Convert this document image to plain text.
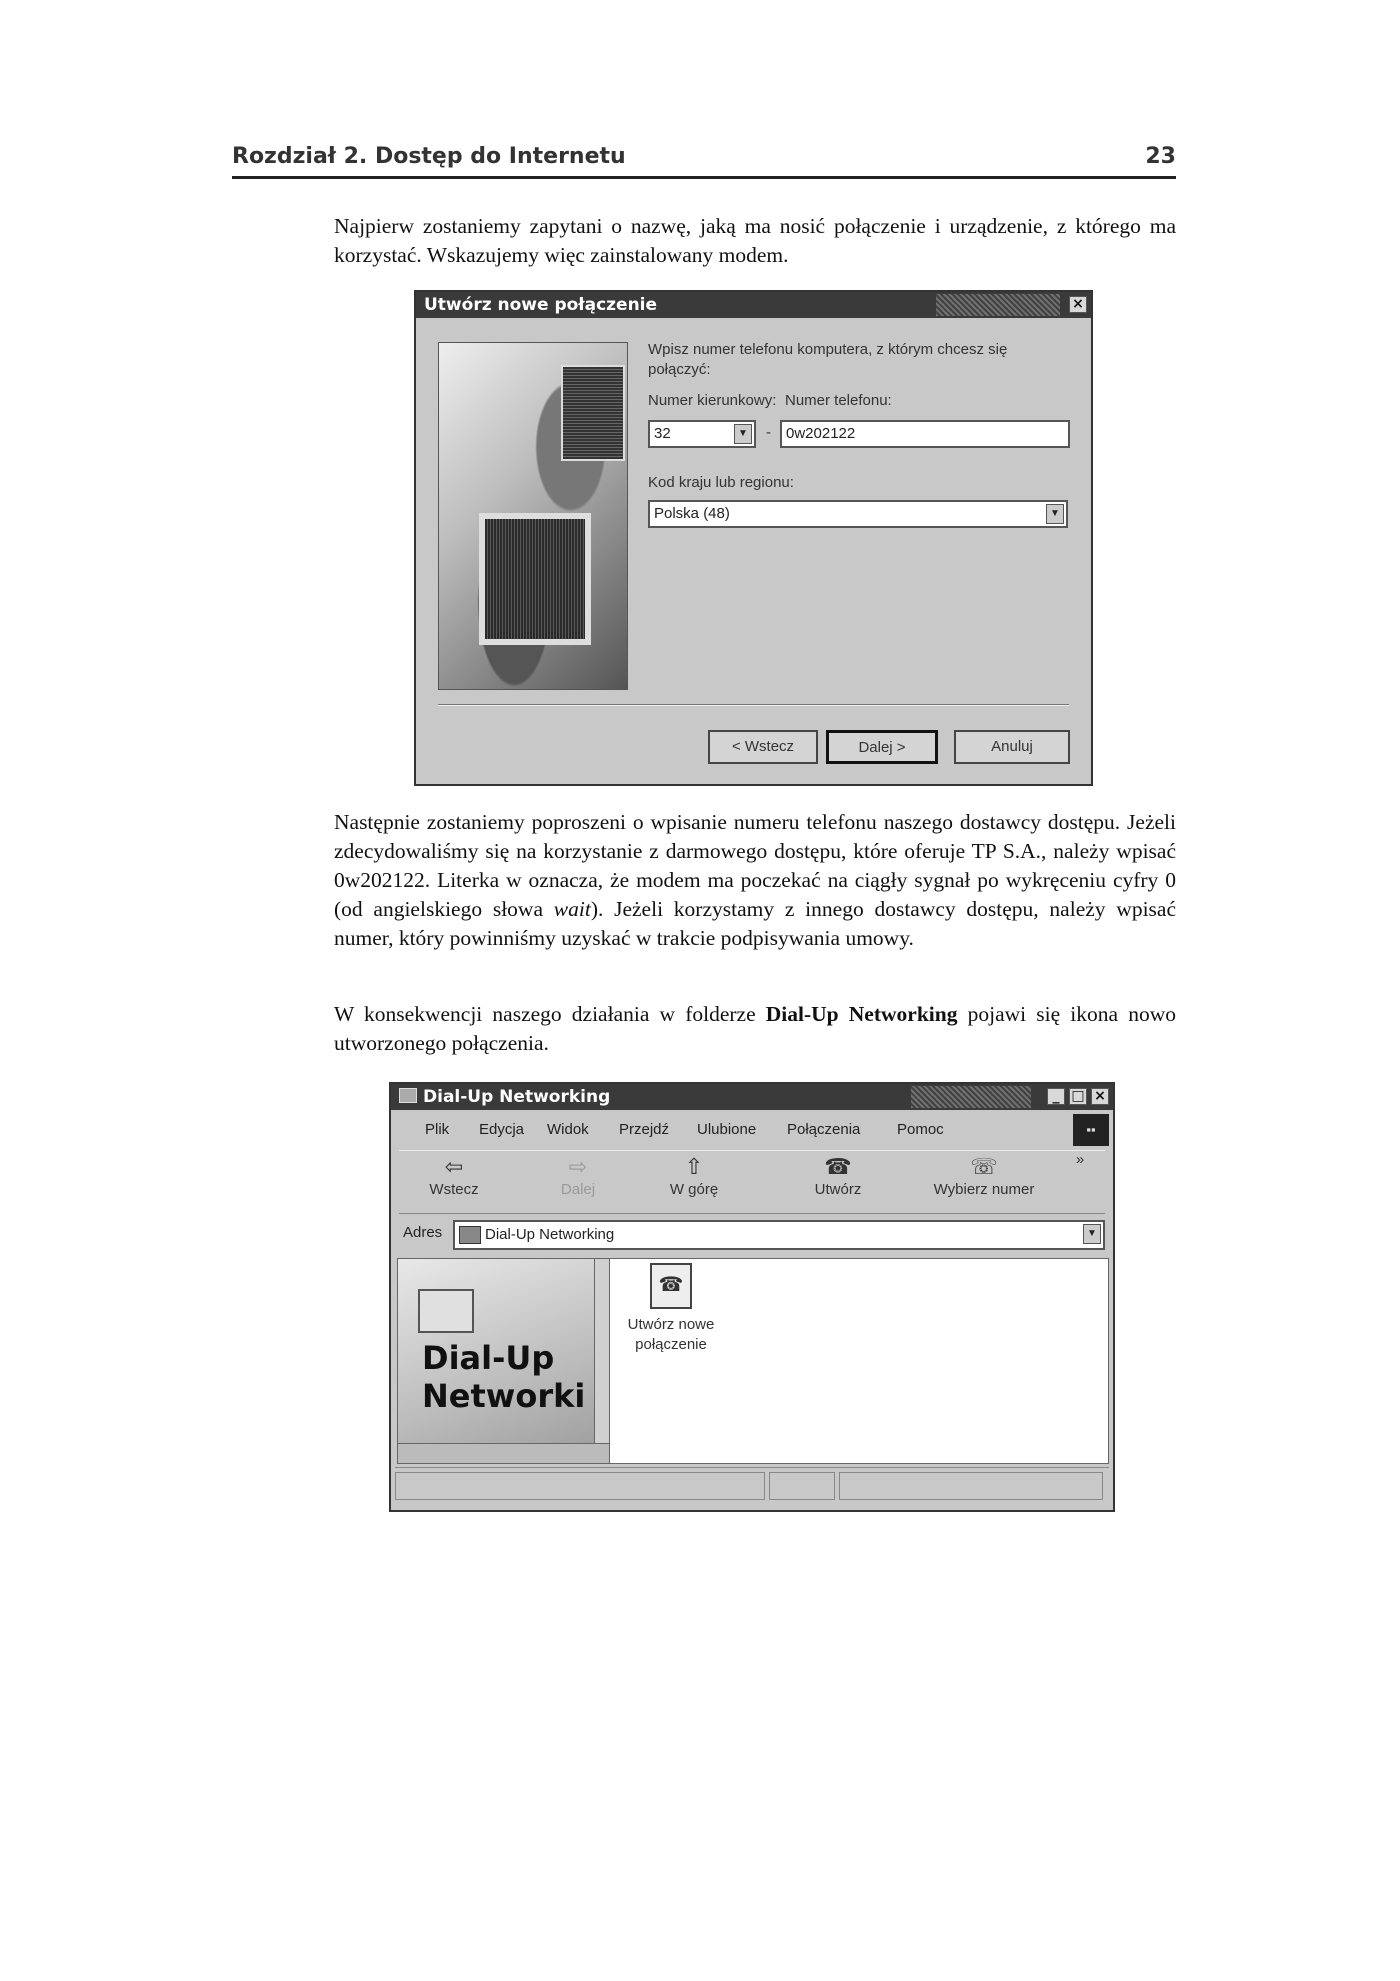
Rozdział 2. Dostęp do Internetu	23
Najpierw zostaniemy zapytani o nazwę, jaką ma nosić połączenie i urządzenie, z którego ma korzystać. Wskazujemy więc zainstalowany modem.
Utwórz nowe połączenie	×
Wpisz numer telefonu komputera, z którym chcesz się połączyć:
Numer kierunkowy: Numer telefonu:
32	▼ -	0w202122
Kod kraju lub regionu:
Polska (48)	▼
< Wstecz	Dalej >	Anuluj
Następnie zostaniemy poproszeni o wpisanie numeru telefonu naszego dostawcy dostępu. Jeżeli zdecydowaliśmy się na korzystanie z darmowego dostępu, które oferuje TP S.A., należy wpisać 0w202122. Literka w oznacza, że modem ma poczekać na ciągły sygnał po wykręceniu cyfry 0 (od angielskiego słowa wait). Jeżeli korzystamy z innego dostawcy dostępu, należy wpisać numer, który powinniśmy uzyskać w trakcie podpisywania umowy.
W konsekwencji naszego działania w folderze Dial-Up Networking pojawi się ikona nowo utworzonego połączenia.
Dial-Up Networking	_ □ ×
Plik Edycja Widok Przejdź Ulubione Połączenia Pomoc	▪▪
⇦
Wstecz
⇨
Dalej
⇧
W górę
☎
Utwórz
☏
Wybierz numer
»
Adres	Dial-Up Networking	▼
Dial-Up
Networki
☎
Utwórz nowe
połączenie
